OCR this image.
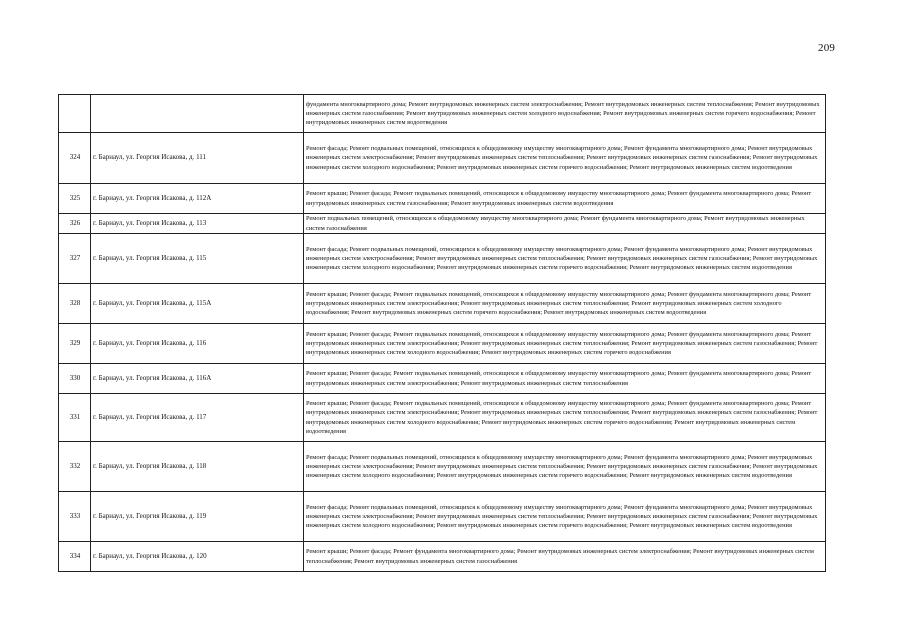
209
		фундамента многоквартирного дома; Ремонт внутридомовых инженерных систем электроснабжения; Ремонт внутридомовых инженерных систем теплоснабжения; Ремонт внутридомовых инженерных систем газоснабжения; Ремонт внутридомовых инженерных систем холодного водоснабжения; Ремонт внутридомовых инженерных систем горячего водоснабжения; Ремонт внутридомовых инженерных систем водоотведения
324	г. Барнаул, ул. Георгия Исакова, д. 111	Ремонт фасада; Ремонт подвальных помещений, относящихся к общедомовому имуществу многоквартирного дома; Ремонт фундамента многоквартирного дома; Ремонт внутридомовых инженерных систем электроснабжения; Ремонт внутридомовых инженерных систем теплоснабжения; Ремонт внутридомовых инженерных систем газоснабжения; Ремонт внутридомовых инженерных систем холодного водоснабжения; Ремонт внутридомовых инженерных систем горячего водоснабжения; Ремонт внутридомовых инженерных систем водоотведения
325	г. Барнаул, ул. Георгия Исакова, д. 112А	Ремонт крыши; Ремонт фасада; Ремонт подвальных помещений, относящихся к общедомовому имуществу многоквартирного дома; Ремонт фундамента многоквартирного дома; Ремонт внутридомовых инженерных систем газоснабжения; Ремонт внутридомовых инженерных систем водоотведения
326	г. Барнаул, ул. Георгия Исакова, д. 113	Ремонт подвальных помещений, относящихся к общедомовому имуществу многоквартирного дома; Ремонт фундамента многоквартирного дома; Ремонт внутридомовых инженерных систем газоснабжения
327	г. Барнаул, ул. Георгия Исакова, д. 115	Ремонт фасада; Ремонт подвальных помещений, относящихся к общедомовому имуществу многоквартирного дома; Ремонт фундамента многоквартирного дома; Ремонт внутридомовых инженерных систем электроснабжения; Ремонт внутридомовых инженерных систем теплоснабжения; Ремонт внутридомовых инженерных систем газоснабжения; Ремонт внутридомовых инженерных систем холодного водоснабжения; Ремонт внутридомовых инженерных систем горячего водоснабжения; Ремонт внутридомовых инженерных систем водоотведения
328	г. Барнаул, ул. Георгия Исакова, д. 115А	Ремонт крыши; Ремонт фасада; Ремонт подвальных помещений, относящихся к общедомовому имуществу многоквартирного дома; Ремонт фундамента многоквартирного дома; Ремонт внутридомовых инженерных систем электроснабжения; Ремонт внутридомовых инженерных систем теплоснабжения; Ремонт внутридомовых инженерных систем холодного водоснабжения; Ремонт внутридомовых инженерных систем горячего водоснабжения; Ремонт внутридомовых инженерных систем водоотведения
329	г. Барнаул, ул. Георгия Исакова, д. 116	Ремонт крыши; Ремонт фасада; Ремонт подвальных помещений, относящихся к общедомовому имуществу многоквартирного дома; Ремонт фундамента многоквартирного дома; Ремонт внутридомовых инженерных систем электроснабжения; Ремонт внутридомовых инженерных систем теплоснабжения; Ремонт внутридомовых инженерных систем газоснабжения; Ремонт внутридомовых инженерных систем холодного водоснабжения; Ремонт внутридомовых инженерных систем горячего водоснабжения
330	г. Барнаул, ул. Георгия Исакова, д. 116А	Ремонт крыши; Ремонт фасада; Ремонт подвальных помещений, относящихся к общедомовому имуществу многоквартирного дома; Ремонт фундамента многоквартирного дома; Ремонт внутридомовых инженерных систем электроснабжения; Ремонт внутридомовых инженерных систем теплоснабжения
331	г. Барнаул, ул. Георгия Исакова, д. 117	Ремонт крыши; Ремонт фасада; Ремонт подвальных помещений, относящихся к общедомовому имуществу многоквартирного дома; Ремонт фундамента многоквартирного дома; Ремонт внутридомовых инженерных систем электроснабжения; Ремонт внутридомовых инженерных систем теплоснабжения; Ремонт внутридомовых инженерных систем газоснабжения; Ремонт внутридомовых инженерных систем холодного водоснабжения; Ремонт внутридомовых инженерных систем горячего водоснабжения; Ремонт внутридомовых инженерных систем водоотведения
332	г. Барнаул, ул. Георгия Исакова, д. 118	Ремонт фасада; Ремонт подвальных помещений, относящихся к общедомовому имуществу многоквартирного дома; Ремонт фундамента многоквартирного дома; Ремонт внутридомовых инженерных систем электроснабжения; Ремонт внутридомовых инженерных систем теплоснабжения; Ремонт внутридомовых инженерных систем газоснабжения; Ремонт внутридомовых инженерных систем холодного водоснабжения; Ремонт внутридомовых инженерных систем горячего водоснабжения; Ремонт внутридомовых инженерных систем водоотведения
333	г. Барнаул, ул. Георгия Исакова, д. 119	Ремонт фасада; Ремонт подвальных помещений, относящихся к общедомовому имуществу многоквартирного дома; Ремонт фундамента многоквартирного дома; Ремонт внутридомовых инженерных систем электроснабжения; Ремонт внутридомовых инженерных систем теплоснабжения; Ремонт внутридомовых инженерных систем газоснабжения; Ремонт внутридомовых инженерных систем холодного водоснабжения; Ремонт внутридомовых инженерных систем горячего водоснабжения; Ремонт внутридомовых инженерных систем водоотведения
334	г. Барнаул, ул. Георгия Исакова, д. 120	Ремонт крыши; Ремонт фасада; Ремонт фундамента многоквартирного дома; Ремонт внутридомовых инженерных систем электроснабжения; Ремонт внутридомовых инженерных систем теплоснабжения; Ремонт внутридомовых инженерных систем газоснабжения
